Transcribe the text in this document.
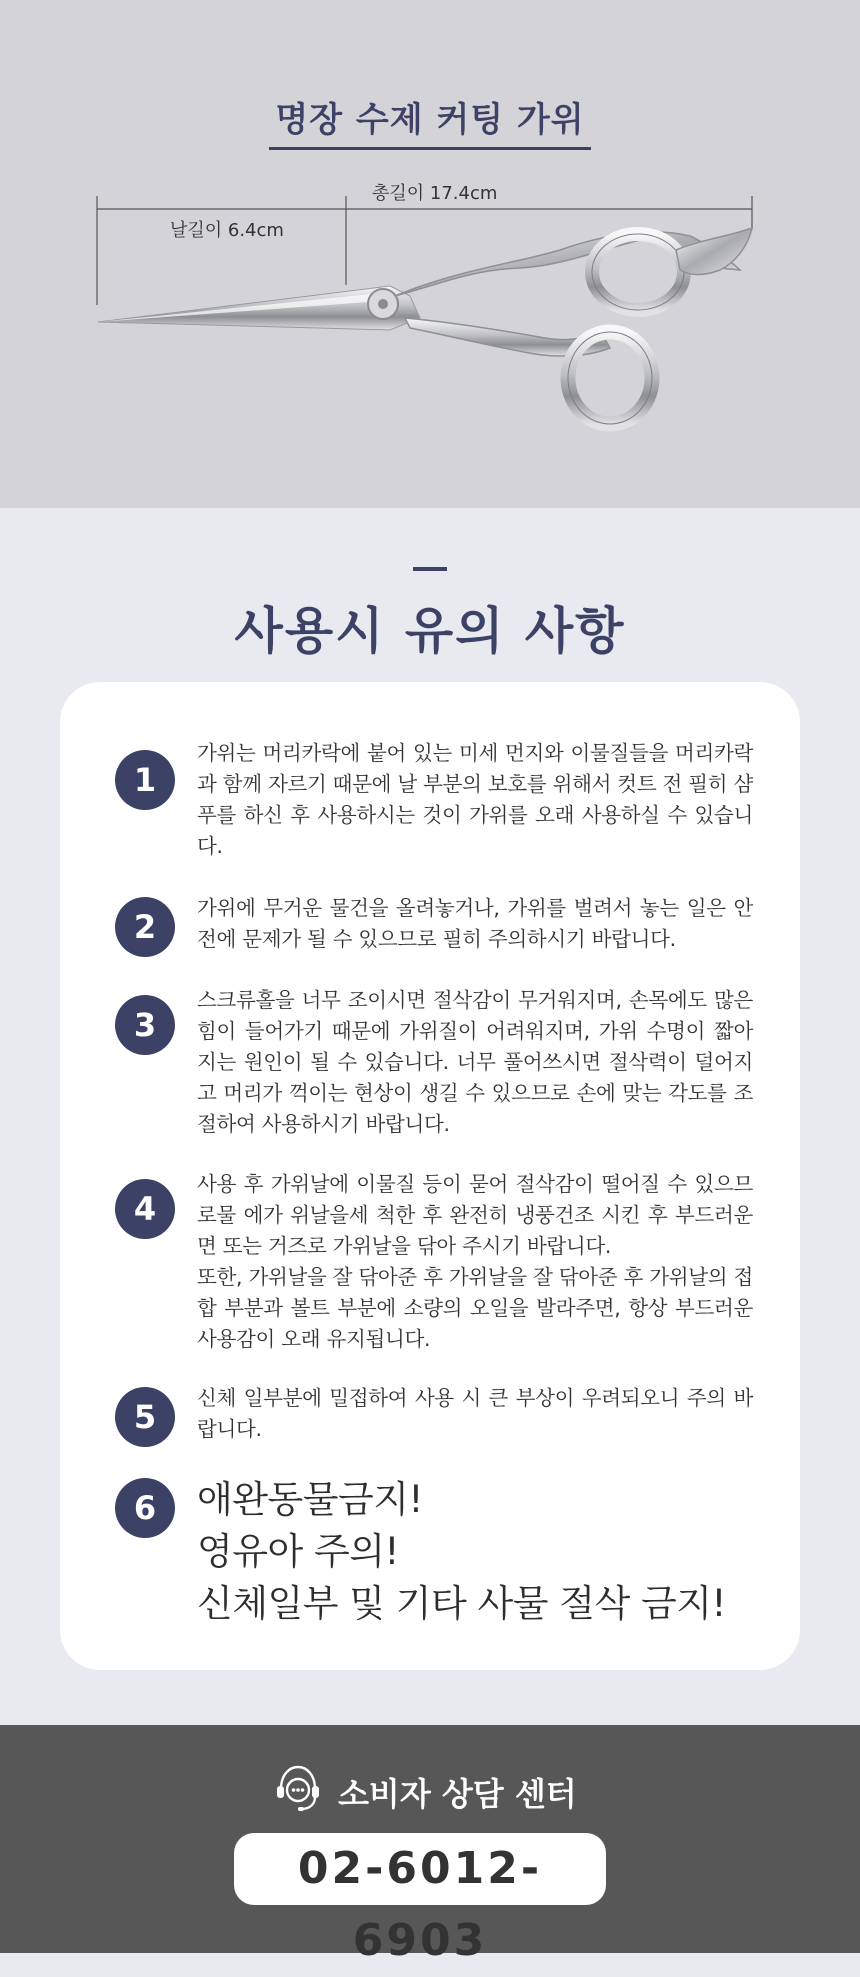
명장 수제 커팅 가위
총길이 17.4cm
날길이 6.4cm
사용시 유의 사항
1
가위는 머리카락에 붙어 있는 미세 먼지와 이물질들을 머리카락과 함께 자르기 때문에 날 부분의 보호를 위해서 컷트 전 필히 샴푸를 하신 후 사용하시는 것이 가위를 오래 사용하실 수 있습니다.
2	가위에 무거운 물건을 올려놓거나, 가위를 벌려서 놓는 일은 안전에 문제가 될 수 있으므로 필히 주의하시기 바랍니다.
3
스크류홀을 너무 조이시면 절삭감이 무거워지며, 손목에도 많은 힘이 들어가기 때문에 가위질이 어려워지며, 가위 수명이 짧아지는 원인이 될 수 있습니다. 너무 풀어쓰시면 절삭력이 덜어지고 머리가 꺽이는 현상이 생길 수 있으므로 손에 맞는 각도를 조절하여 사용하시기 바랍니다.
4
사용 후 가위날에 이물질 등이 묻어 절삭감이 떨어질 수 있으므로물 에가 위날을세 척한 후 완전히 냉풍건조 시킨 후 부드러운 면 또는 거즈로 가위날을 닦아 주시기 바랍니다.
또한, 가위날을 잘 닦아준 후 가위날을 잘 닦아준 후 가위날의 접합 부분과 볼트 부분에 소량의 오일을 발라주면, 항상 부드러운 사용감이 오래 유지됩니다.
5	신체 일부분에 밀접하여 사용 시 큰 부상이 우려되오니 주의 바랍니다.
6	애완동물금지!
영유아 주의!
신체일부 및 기타 사물 절삭 금지!
소비자 상담 센터
02-6012-6903
